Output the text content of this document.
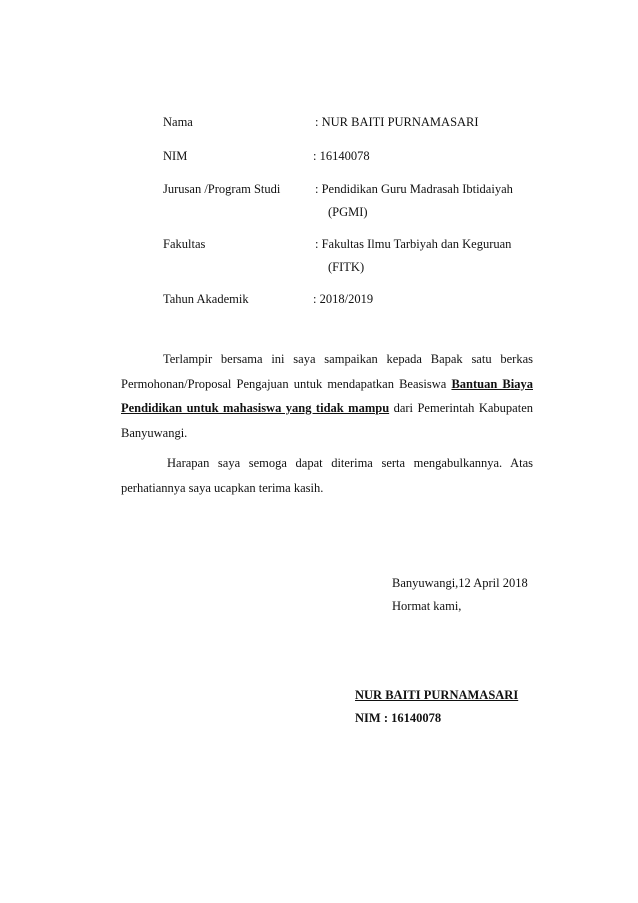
Nama	: NUR BAITI PURNAMASARI
NIM	: 16140078
Jurusan /Program Studi	: Pendidikan Guru Madrasah Ibtidaiyah
(PGMI)
Fakultas	: Fakultas Ilmu Tarbiyah dan Keguruan
(FITK)
Tahun Akademik	: 2018/2019
Terlampir bersama ini saya sampaikan kepada Bapak satu berkas
Permohonan/Proposal Pengajuan untuk mendapatkan Beasiswa Bantuan Biaya
Pendidikan untuk mahasiswa yang tidak mampu dari Pemerintah Kabupaten
Banyuwangi.
Harapan saya semoga dapat diterima serta mengabulkannya. Atas
perhatiannya saya ucapkan terima kasih.
Banyuwangi,12 April 2018
Hormat kami,
NUR BAITI PURNAMASARI
NIM : 16140078
